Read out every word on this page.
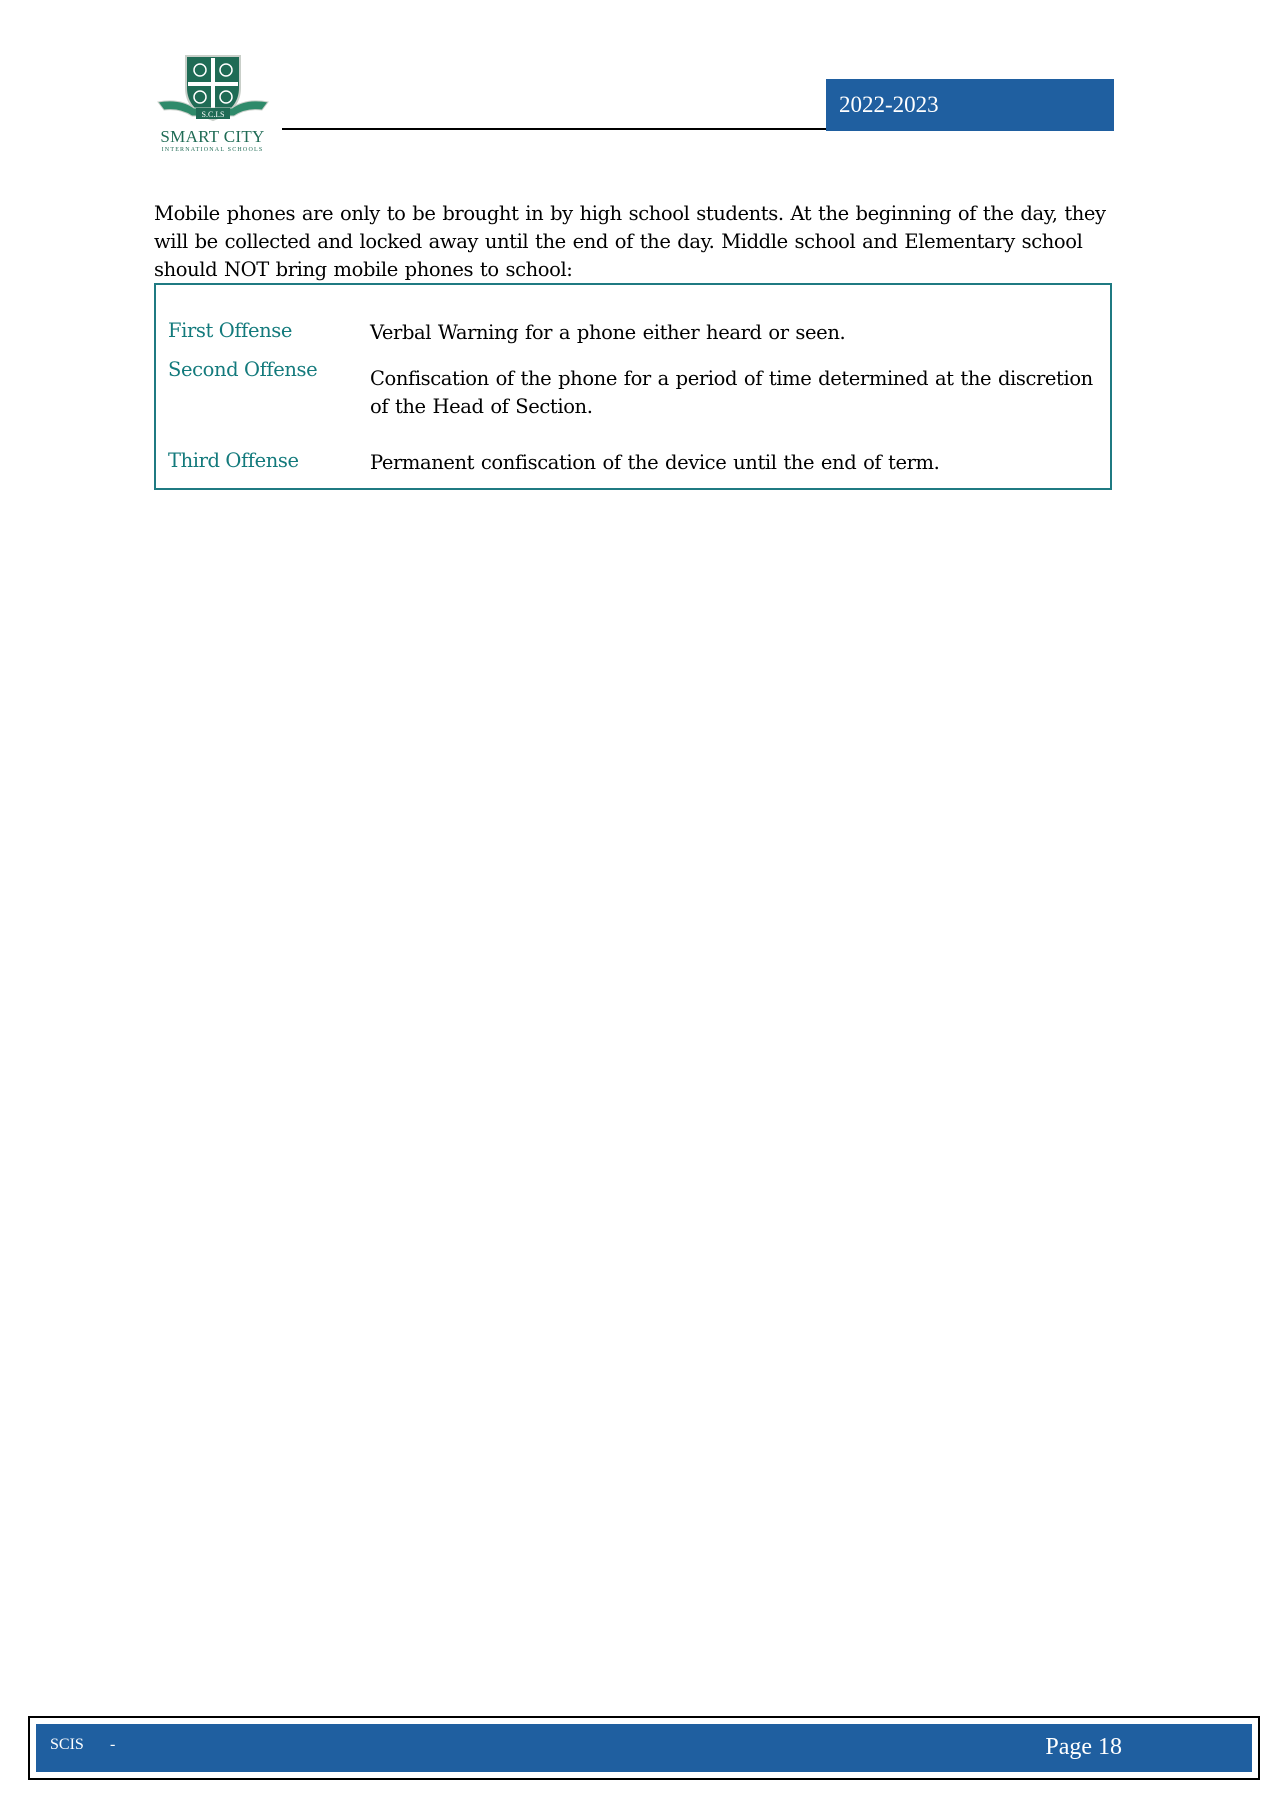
S.C.I.S
SMART CITY
INTERNATIONAL SCHOOLS
2022-2023

Mobile phones are only to be brought in by high school students. At the beginning of the day, they will be collected and locked away until the end of the day. Middle school and Elementary school should NOT bring mobile phones to school:

First Offense	Verbal Warning for a phone either heard or seen.
Second Offense	Confiscation of the phone for a period of time determined at the discretion of the Head of Section.
Third Offense	Permanent confiscation of the device until the end of term.
SCIS -	Page 18
